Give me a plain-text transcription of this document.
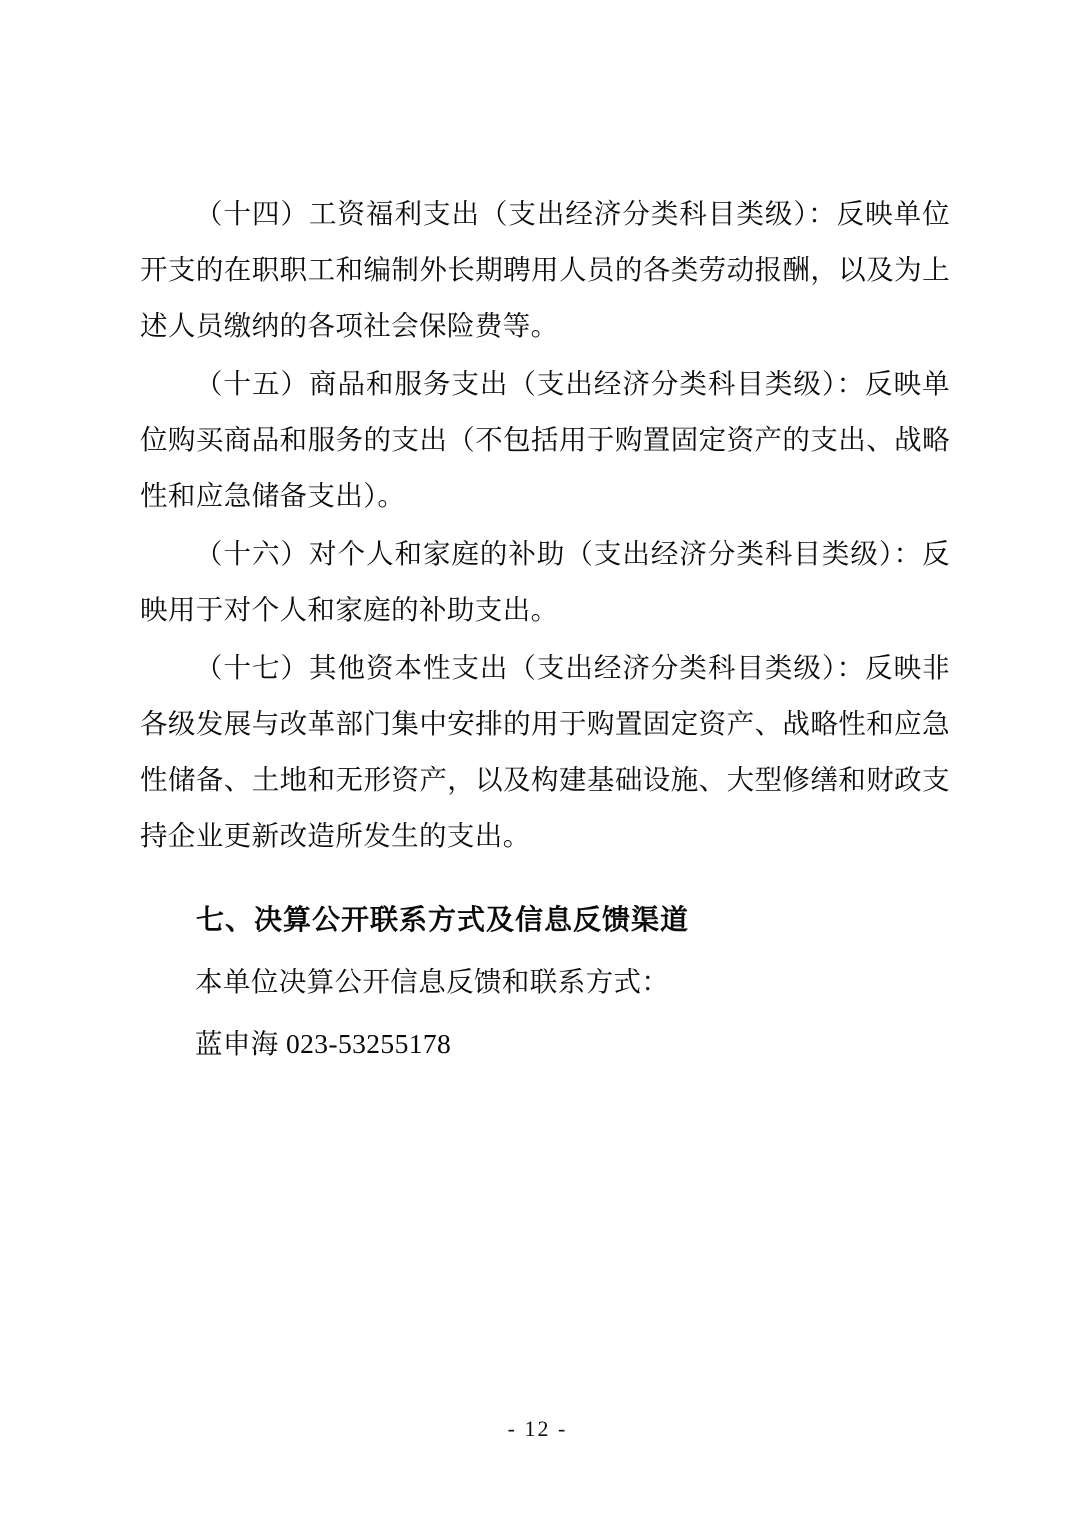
（十四）工资福利支出（支出经济分类科目类级）：反映单位开支的在职职工和编制外长期聘用人员的各类劳动报酬，以及为上述人员缴纳的各项社会保险费等。

（十五）商品和服务支出（支出经济分类科目类级）：反映单位购买商品和服务的支出（不包括用于购置固定资产的支出、战略性和应急储备支出）。

（十六）对个人和家庭的补助（支出经济分类科目类级）：反映用于对个人和家庭的补助支出。

（十七）其他资本性支出（支出经济分类科目类级）：反映非各级发展与改革部门集中安排的用于购置固定资产、战略性和应急性储备、土地和无形资产，以及构建基础设施、大型修缮和财政支持企业更新改造所发生的支出。

七、决算公开联系方式及信息反馈渠道

本单位决算公开信息反馈和联系方式：

蓝申海 023-53255178

- 12 -
